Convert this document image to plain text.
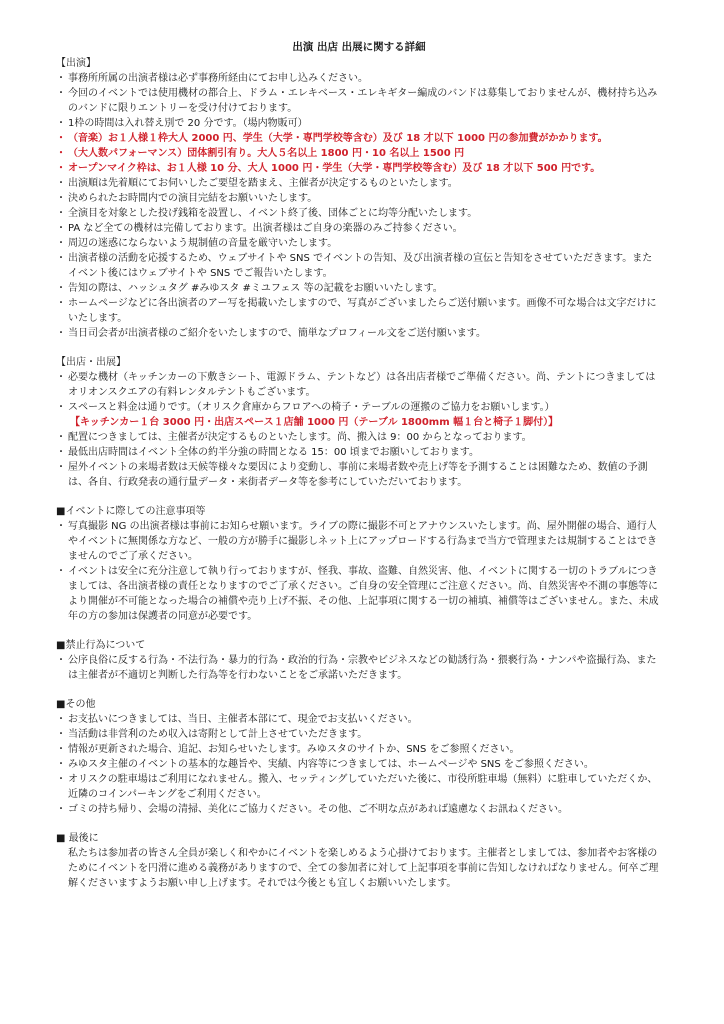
出演 出店 出展に関する詳細
【出演】
・ 事務所所属の出演者様は必ず事務所経由にてお申し込みください。
・ 今回のイベントでは使用機材の都合上、ドラム・エレキベース・エレキギター編成のバンドは募集しておりませんが、機材持ち込みのバンドに限りエントリーを受け付けております。
・ 1枠の時間は入れ替え別で 20 分です。（場内物販可）
・ （音楽）お１人様１枠大人 2000 円、学生（大学・専門学校等含む）及び 18 才以下 1000 円の参加費がかかります。
・ （大人数パフォーマンス）団体割引有り。大人５名以上 1800 円・10 名以上 1500 円
・ オープンマイク枠は、お１人様 10 分、大人 1000 円・学生（大学・専門学校等含む）及び 18 才以下 500 円です。
・ 出演順は先着順にてお伺いしたご要望を踏まえ、主催者が決定するものといたします。
・ 決められたお時間内での演目完結をお願いいたします。
・ 全演目を対象とした投げ銭箱を設置し、イベント終了後、団体ごとに均等分配いたします。
・ PA など全ての機材は完備しております。出演者様はご自身の楽器のみご持参ください。
・ 周辺の迷惑にならないよう規制値の音量を厳守いたします。
・ 出演者様の活動を応援するため、ウェブサイトや SNS でイベントの告知、及び出演者様の宣伝と告知をさせていただきます。またイベント後にはウェブサイトや SNS でご報告いたします。
・ 告知の際は、ハッシュタグ #みゆスタ #ミユフェス 等の記載をお願いいたします。
・ ホームページなどに各出演者のアー写を掲載いたしますので、写真がございましたらご送付願います。画像不可な場合は文字だけにいたします。
・ 当日司会者が出演者様のご紹介をいたしますので、簡単なプロフィール文をご送付願います。
【出店・出展】
・ 必要な機材（キッチンカーの下敷きシート、電源ドラム、テントなど）は各出店者様でご準備ください。尚、テントにつきましてはオリオンスクエアの有料レンタルテントもございます。
・ スペースと料金は通りです。（オリスク倉庫からフロアへの椅子・テーブルの運搬のご協力をお願いします。）
【キッチンカー１台 3000 円・出店スペース１店舗 1000 円（テーブル 1800mm 幅１台と椅子１脚付）】
・ 配置につきましては、主催者が決定するものといたします。尚、搬入は 9：00 からとなっております。
・ 最低出店時間はイベント全体の約半分強の時間となる 15：00 頃までお願いしております。
・ 屋外イベントの来場者数は天候等様々な要因により変動し、事前に来場者数や売上げ等を予測することは困難なため、数値の予測は、各自、行政発表の通行量データ・来街者データ等を参考にしていただいております。
■イベントに際しての注意事項等
・ 写真撮影 NG の出演者様は事前にお知らせ願います。ライブの際に撮影不可とアナウンスいたします。尚、屋外開催の場合、通行人やイベントに無関係な方など、一般の方が勝手に撮影しネット上にアップロードする行為まで当方で管理または規制することはできませんのでご了承ください。
・ イベントは安全に充分注意して執り行っておりますが、怪我、事故、盗難、自然災害、他、イベントに関する一切のトラブルにつきましては、各出演者様の責任となりますのでご了承ください。ご自身の安全管理にご注意ください。尚、自然災害や不測の事態等により開催が不可能となった場合の補償や売り上げ不振、その他、上記事項に関する一切の補填、補償等はございません。また、未成年の方の参加は保護者の同意が必要です。
■禁止行為について
・ 公序良俗に反する行為・不法行為・暴力的行為・政治的行為・宗教やビジネスなどの勧誘行為・猥褻行為・ナンパや盗撮行為、または主催者が不適切と判断した行為等を行わないことをご承諾いただきます。
■その他
・ お支払いにつきましては、当日、主催者本部にて、現金でお支払いください。
・ 当活動は非営利のため収入は寄附として計上させていただきます。
・ 情報が更新された場合、追記、お知らせいたします。みゆスタのサイトか、SNS をご参照ください。
・ みゆスタ主催のイベントの基本的な趣旨や、実績、内容等につきましては、ホームページや SNS をご参照ください。
・ オリスクの駐車場はご利用になれません。搬入、セッティングしていただいた後に、市役所駐車場（無料）に駐車していただくか、近隣のコインパーキングをご利用ください。
・ ゴミの持ち帰り、会場の清掃、美化にご協力ください。その他、ご不明な点があれば遠慮なくお訊ねください。
■ 最後に
私たちは参加者の皆さん全員が楽しく和やかにイベントを楽しめるよう心掛けております。主催者としましては、参加者やお客様のためにイベントを円滑に進める義務がありますので、全ての参加者に対して上記事項を事前に告知しなければなりません。何卒ご理解くださいますようお願い申し上げます。それでは今後とも宜しくお願いいたします。
